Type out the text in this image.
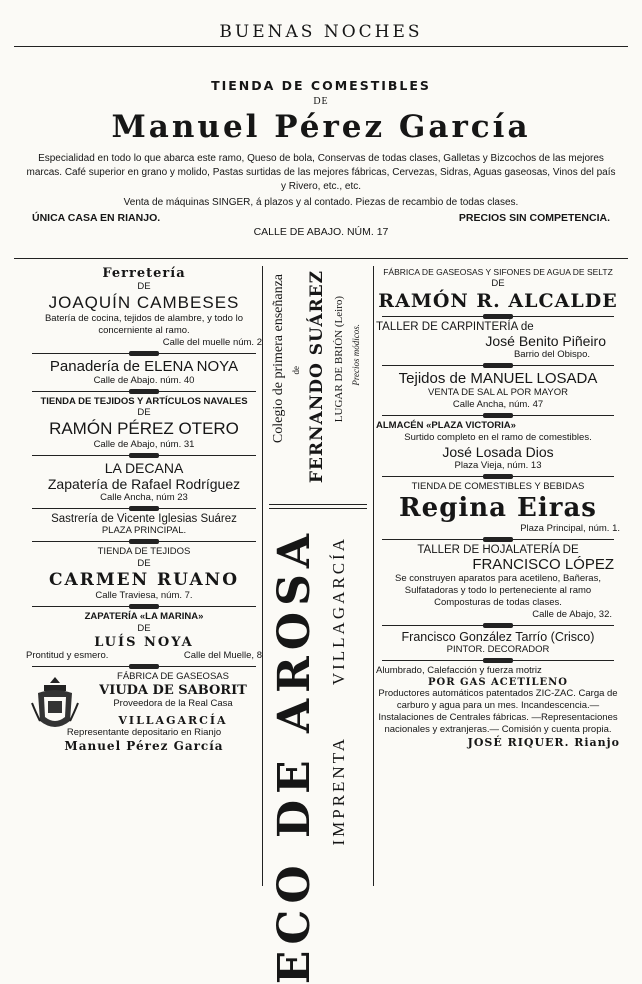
BUENAS NOCHES
TIENDA DE COMESTIBLES
DE
Manuel Pérez García
Especialidad en todo lo que abarca este ramo, Queso de bola, Conservas de todas clases, Galletas y Bizcochos de las mejores marcas. Café superior en grano y molido, Pastas surtidas de las mejores fábricas, Cervezas, Sidras, Aguas gaseosas, Vinos del país y Rivero, etc., etc.
Venta de máquinas SINGER, á plazos y al contado. Piezas de recambio de todas clases.
ÚNICA CASA EN RIANJO.	PRECIOS SIN COMPETENCIA.
CALLE DE ABAJO. NÚM. 17
Ferretería
DE
JOAQUÍN CAMBESES
Batería de cocina, tejidos de alambre, y todo lo concerniente al ramo.
Calle del muelle núm. 2
Panadería de ELENA NOYA
Calle de Abajo. núm. 40
TIENDA DE TEJIDOS Y ARTÍCULOS NAVALES
DE
RAMÓN PÉREZ OTERO
Calle de Abajo, núm. 31
LA DECANA
Zapatería de Rafael Rodríguez
Calle Ancha, núm 23
Sastrería de Vicente Iglesias Suárez
PLAZA PRINCIPAL.
TIENDA DE TEJIDOS
DE
CARMEN RUANO
Calle Traviesa, núm. 7.
ZAPATERÍA «LA MARINA»
DE
LUÍS NOYA
Prontitud y esmero.	Calle del Muelle, 8
FÁBRICA DE GASEOSAS
VIUDA DE SABORIT
Proveedora de la Real Casa
VILLAGARCÍA
Representante depositario en Rianjo
Manuel Pérez García
Colegio de primera enseñanza de FERNANDO SUÁREZ LUGAR DE BRIÓN (Leiro) Precios módicos.
ECO DE AROSA IMPRENTA
VILLAGARCÍA
FÁBRICA DE GASEOSAS Y SIFONES DE AGUA DE SELTZ
DE
RAMÓN R. ALCALDE
TALLER DE CARPINTERÍA de
José Benito Piñeiro
Barrio del Obispo.
Tejidos de MANUEL LOSADA
VENTA DE SAL AL POR MAYOR
Calle Ancha, núm. 47
ALMACÉN «PLAZA VICTORIA»
Surtido completo en el ramo de comestibles.
José Losada Dios
Plaza Vieja, núm. 13
TIENDA DE COMESTIBLES Y BEBIDAS
Regina Eiras
Plaza Principal, núm. 1.
TALLER DE HOJALATERÍA DE
FRANCISCO LÓPEZ
Se construyen aparatos para acetileno, Bañeras, Sulfatadoras y todo lo perteneciente al ramo
Composturas de todas clases.
Calle de Abajo, 32.
Francisco González Tarrío (Crisco)
PINTOR. DECORADOR
Alumbrado, Calefacción y fuerza motriz
POR GAS ACETILENO
Productores automáticos patentados ZIC-ZAC. Carga de carburo y agua para un mes. Incandescencia.—Instalaciones de Centrales fábricas. —Representaciones nacionales y extranjeras.— Comisión y cuenta propia.
JOSÉ RIQUER. Rianjo
